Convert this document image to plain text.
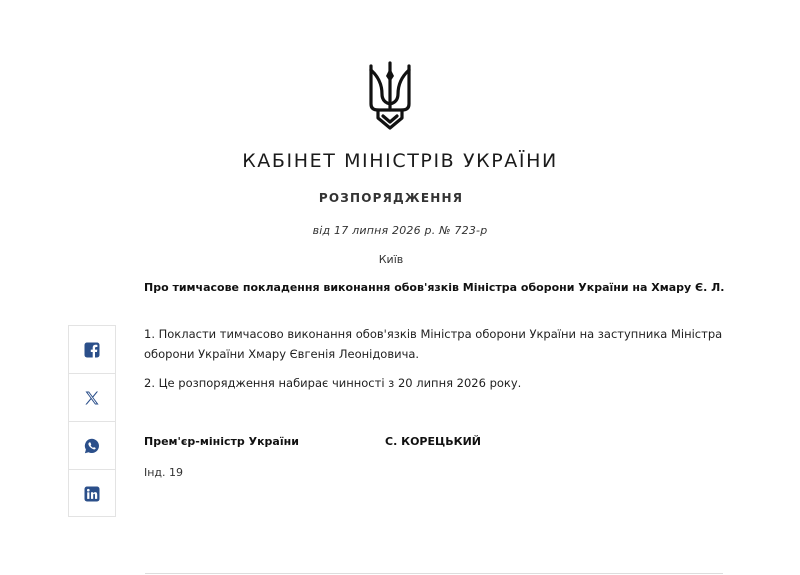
КАБІНЕТ МІНІСТРІВ УКРАЇНИ
РОЗПОРЯДЖЕННЯ
від 17 липня 2026 р. № 723-р
Київ
Про тимчасове покладення виконання обов'язків Міністра оборони України на Хмару Є. Л.
1. Покласти тимчасово виконання обов'язків Міністра оборони України на заступника Міністра оборони України Хмару Євгенія Леонідовича.
2. Це розпорядження набирає чинності з 20 липня 2026 року.
Прем'єр-міністр України	С. КОРЕЦЬКИЙ
Інд. 19
